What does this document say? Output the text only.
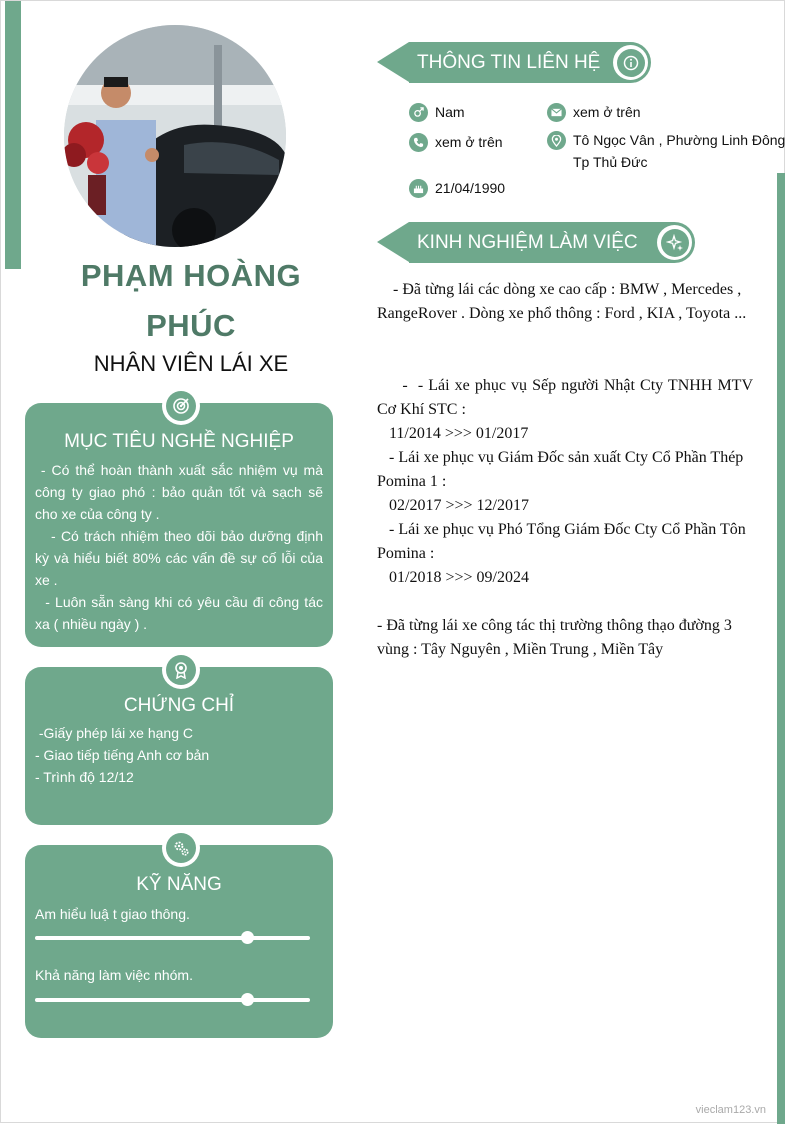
PHẠM HOÀNG
PHÚC
NHÂN VIÊN LÁI XE
MỤC TIÊU NGHỀ NGHIỆP
- Có thể hoàn thành xuất sắc nhiệm vụ mà công ty giao phó : bảo quản tốt và sạch sẽ cho xe của công ty .
- Có trách nhiệm theo dõi bảo dưỡng định kỳ và hiểu biết 80% các vấn đề sự cố lỗi của xe .
- Luôn sẵn sàng khi có yêu cầu đi công tác xa ( nhiều ngày ) .
CHỨNG CHỈ
-Giấy phép lái xe hạng C
- Giao tiếp tiếng Anh cơ bản
- Trình độ 12/12
KỸ NĂNG
Am hiểu luậ t giao thông.
Khả năng làm việc nhóm.
THÔNG TIN LIÊN HỆ
Nam	xem ở trên
xem ở trên	Tô Ngọc Vân , Phường Linh Đông
Tp Thủ Đức
21/04/1990
KINH NGHIỆM LÀM VIỆC

- Đã từng lái các dòng xe cao cấp : BMW , Mercedes , RangeRover . Dòng xe phổ thông : Ford , KIA , Toyota ...

-  - Lái xe phục vụ Sếp người Nhật Cty TNHH MTV Cơ Khí STC :

11/2014 >>> 01/2017

- Lái xe phục vụ Giám Đốc sản xuất Cty Cổ Phần Thép Pomina 1 :

02/2017 >>> 12/2017

- Lái xe phục vụ Phó Tổng Giám Đốc Cty Cổ Phần Tôn Pomina :

01/2018 >>> 09/2024

- Đã từng lái xe công tác thị trường thông thạo đường 3 vùng : Tây Nguyên , Miền Trung , Miền Tây

vieclam123.vn
